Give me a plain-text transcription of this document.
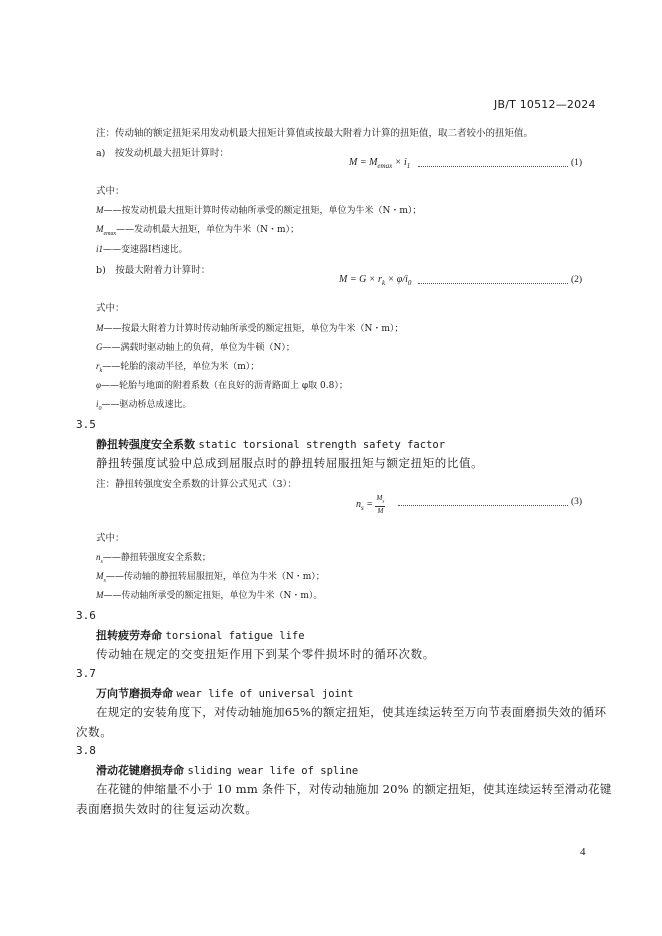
JB/T 10512—2024
注：传动轴的额定扭矩采用发动机最大扭矩计算值或按最大附着力计算的扭矩值，取二者较小的扭矩值。
a)　按发动机最大扭矩计算时：
$M = M_{emax} \times i_1$	(1)
式中：
M——按发动机最大扭矩计算时传动轴所承受的额定扭矩，单位为牛米（N・m）；
$M_{emax}——$发动机最大扭矩，单位为牛米（N・m）；
i1——变速器Ⅰ档速比。
b)　按最大附着力计算时：
$M = G \times r_k \times \varphi/i_0$	(2)
式中：
M——按最大附着力计算时传动轴所承受的额定扭矩，单位为牛米（N・m）；
G——满载时驱动轴上的负荷，单位为牛顿（N）；
$r_k——$轮胎的滚动半径，单位为米（m）；
φ——轮胎与地面的附着系数（在良好的沥青路面上 φ取 0.8）；
$i_0——$驱动桥总成速比。
3.5
静扭转强度安全系数 static torsional strength safety factor
静扭转强度试验中总成到屈服点时的静扭转屈服扭矩与额定扭矩的比值。
注：静扭转强度安全系数的计算公式见式（3）：
$n_s = \frac{M_s}{M}$	(3)
式中：
$n_s——$静扭转强度安全系数；
$M_s——$传动轴的静扭转屈服扭矩，单位为牛米（N・m）；
M——传动轴所承受的额定扭矩，单位为牛米（N・m）。
3.6
扭转疲劳寿命 torsional fatigue life
传动轴在规定的交变扭矩作用下到某个零件损坏时的循环次数。
3.7
万向节磨损寿命 wear life of universal joint
在规定的安装角度下，对传动轴施加65%的额定扭矩，使其连续运转至万向节表面磨损失效的循环
次数。
3.8
滑动花键磨损寿命 sliding wear life of spline
在花键的伸缩量不小于 10 mm 条件下，对传动轴施加 20% 的额定扭矩，使其连续运转至滑动花键
表面磨损失效时的往复运动次数。
4
